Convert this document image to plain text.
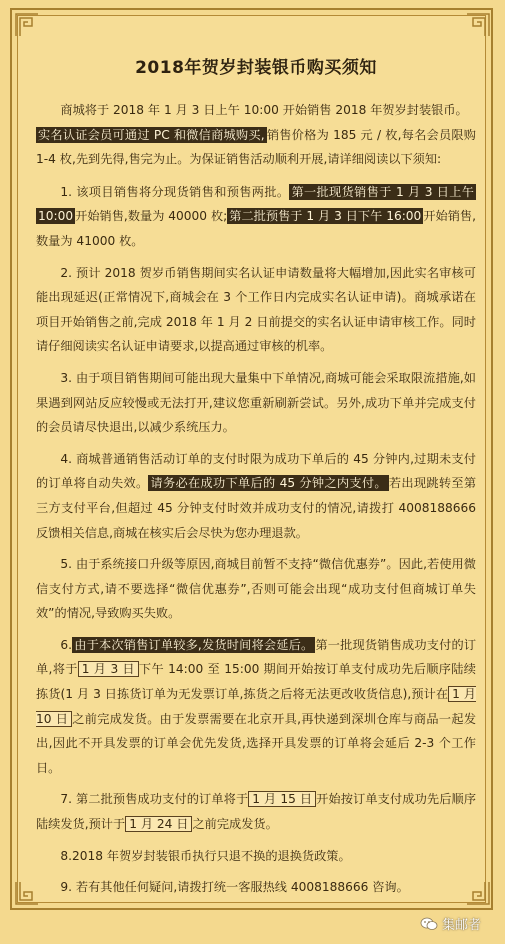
2018年贺岁封装银币购买须知

商城将于 2018 年 1 月 3 日上午 10:00 开始销售 2018 年贺岁封装银币。
实名认证会员可通过 PC 和微信商城购买, 销售价格为 185 元 / 枚,每名会员限购 1-4 枚,先到先得,售完为止。为保证销售活动顺利开展,请详细阅读以下须知:

1. 该项目销售将分现货销售和预售两批。 第一批现货销售于 1 月 3 日上午 10:00 开始销售,数量为 40000 枚; 第二批预售于 1 月 3 日下午 16:00 开始销售,数量为 41000 枚。

2. 预计 2018 贺岁币销售期间实名认证申请数量将大幅增加,因此实名审核可能出现延迟(正常情况下,商城会在 3 个工作日内完成实名认证申请)。商城承诺在项目开始销售之前,完成 2018 年 1 月 2 日前提交的实名认证申请审核工作。同时请仔细阅读实名认证申请要求,以提高通过审核的机率。

3. 由于项目销售期间可能出现大量集中下单情况,商城可能会采取限流措施,如果遇到网站反应较慢或无法打开,建议您重新刷新尝试。另外,成功下单并完成支付的会员请尽快退出,以减少系统压力。

4. 商城普通销售活动订单的支付时限为成功下单后的 45 分钟内,过期未支付的订单将自动失效。 请务必在成功下单后的 45 分钟之内支付。 若出现跳转至第三方支付平台,但超过 45 分钟支付时效并成功支付的情况,请拨打 4008188666 反馈相关信息,商城在核实后会尽快为您办理退款。

5. 由于系统接口升级等原因,商城目前暂不支持“微信优惠券”。因此,若使用微信支付方式,请不要选择“微信优惠券”,否则可能会出现“成功支付但商城订单失效”的情况,导致购买失败。

6. 由于本次销售订单较多,发货时间将会延后。 第一批现货销售成功支付的订单,将于 1 月 3 日 下午 14:00 至 15:00 期间开始按订单支付成功先后顺序陆续拣货(1 月 3 日拣货订单为无发票订单,拣货之后将无法更改收货信息),预计在 1 月 10 日 之前完成发货。由于发票需要在北京开具,再快递到深圳仓库与商品一起发出,因此不开具发票的订单会优先发货,选择开具发票的订单将会延后 2-3 个工作日。

7. 第二批预售成功支付的订单将于 1 月 15 日 开始按订单支付成功先后顺序陆续发货,预计于 1 月 24 日 之前完成发货。

8.2018 年贺岁封装银币执行只退不换的退换货政策。

9. 若有其他任何疑问,请拨打统一客服热线 4008188666 咨询。

集邮者
